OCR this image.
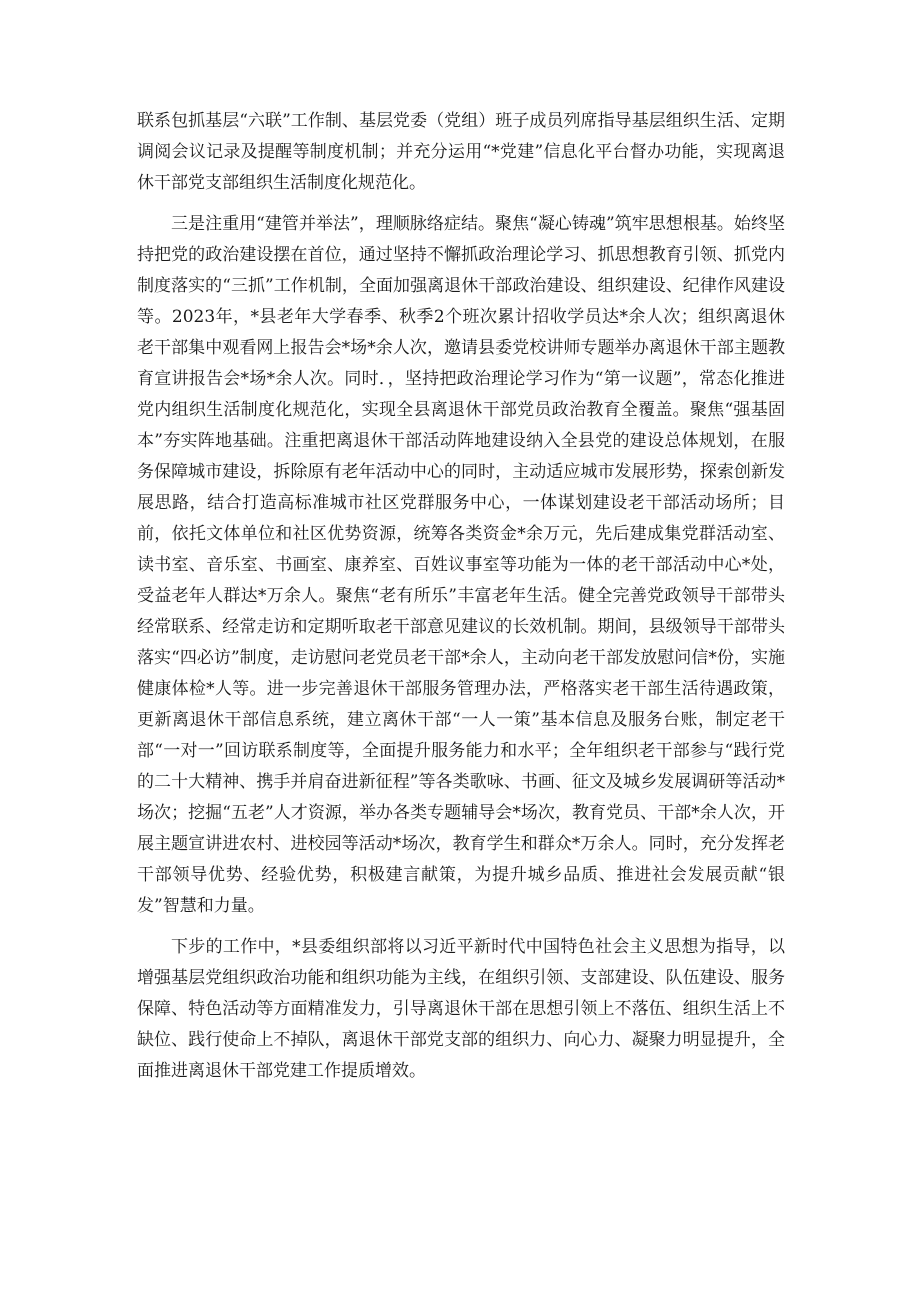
联系包抓基层“六联”工作制、基层党委（党组）班子成员列席指导基层组织生活、定期调阅会议记录及提醒等制度机制；并充分运用“*党建”信息化平台督办功能，实现离退休干部党支部组织生活制度化规范化。

三是注重用“建管并举法”，理顺脉络症结。聚焦“凝心铸魂”筑牢思想根基。始终坚持把党的政治建设摆在首位，通过坚持不懈抓政治理论学习、抓思想教育引领、抓党内制度落实的“三抓”工作机制，全面加强离退休干部政治建设、组织建设、纪律作风建设等。2023年，*县老年大学春季、秋季2个班次累计招收学员达*余人次；组织离退休老干部集中观看网上报告会*场*余人次，邀请县委党校讲师专题举办离退休干部主题教育宣讲报告会*场*余人次。同时．，坚持把政治理论学习作为“第一议题”，常态化推进党内组织生活制度化规范化，实现全县离退休干部党员政治教育全覆盖。聚焦“强基固本”夯实阵地基础。注重把离退休干部活动阵地建设纳入全县党的建设总体规划，在服务保障城市建设，拆除原有老年活动中心的同时，主动适应城市发展形势，探索创新发展思路，结合打造高标准城市社区党群服务中心，一体谋划建设老干部活动场所；目前，依托文体单位和社区优势资源，统筹各类资金*余万元，先后建成集党群活动室、读书室、音乐室、书画室、康养室、百姓议事室等功能为一体的老干部活动中心*处，受益老年人群达*万余人。聚焦“老有所乐”丰富老年生活。健全完善党政领导干部带头经常联系、经常走访和定期听取老干部意见建议的长效机制。期间，县级领导干部带头落实“四必访”制度，走访慰问老党员老干部*余人，主动向老干部发放慰问信*份，实施健康体检*人等。进一步完善退休干部服务管理办法，严格落实老干部生活待遇政策，更新离退休干部信息系统，建立离休干部“一人一策”基本信息及服务台账，制定老干部“一对一”回访联系制度等，全面提升服务能力和水平；全年组织老干部参与“践行党的二十大精神、携手并肩奋进新征程”等各类歌咏、书画、征文及城乡发展调研等活动*场次；挖掘“五老”人才资源，举办各类专题辅导会*场次，教育党员、干部*余人次，开展主题宣讲进农村、进校园等活动*场次，教育学生和群众*万余人。同时，充分发挥老干部领导优势、经验优势，积极建言献策，为提升城乡品质、推进社会发展贡献“银发”智慧和力量。

下步的工作中，*县委组织部将以习近平新时代中国特色社会主义思想为指导，以增强基层党组织政治功能和组织功能为主线，在组织引领、支部建设、队伍建设、服务保障、特色活动等方面精准发力，引导离退休干部在思想引领上不落伍、组织生活上不缺位、践行使命上不掉队，离退休干部党支部的组织力、向心力、凝聚力明显提升，全面推进离退休干部党建工作提质增效。
